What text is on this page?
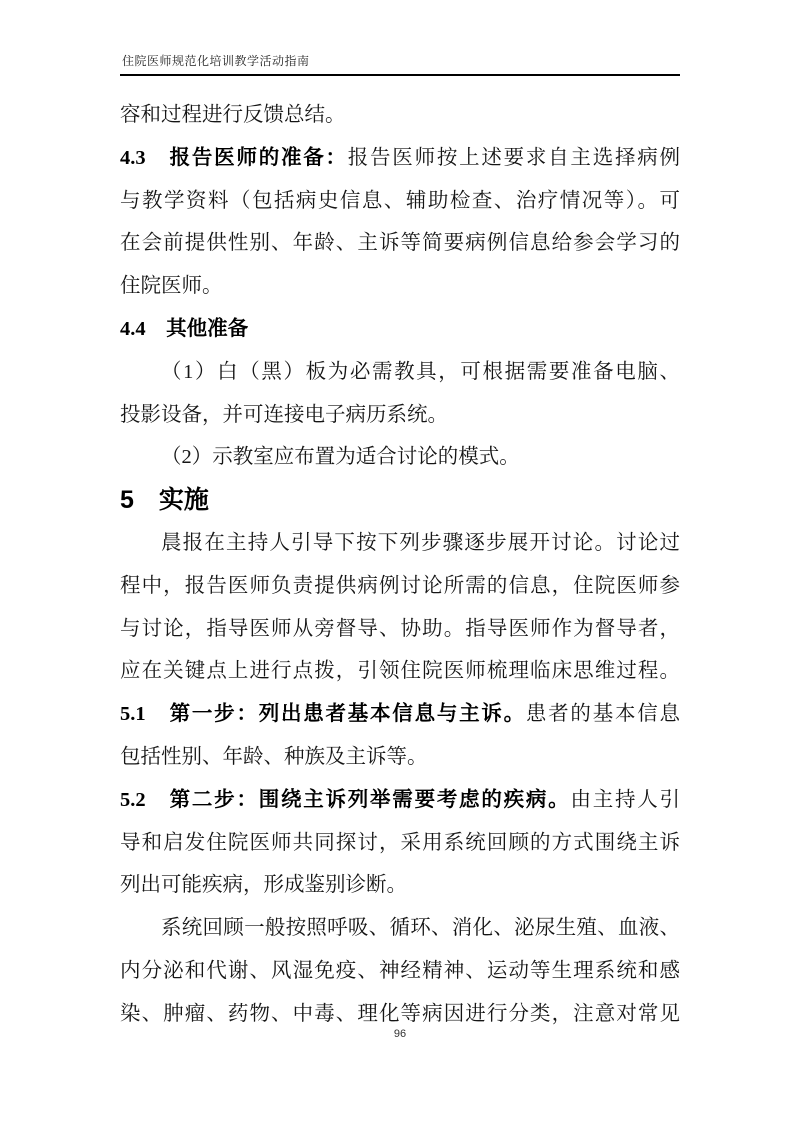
住院医师规范化培训教学活动指南
容和过程进行反馈总结。
4.3　报告医师的准备：报告医师按上述要求自主选择病例
与教学资料（包括病史信息、辅助检查、治疗情况等）。可
在会前提供性别、年龄、主诉等简要病例信息给参会学习的
住院医师。
4.4　其他准备
（1）白（黑）板为必需教具，可根据需要准备电脑、
投影设备，并可连接电子病历系统。
（2）示教室应布置为适合讨论的模式。
5　实施
晨报在主持人引导下按下列步骤逐步展开讨论。讨论过
程中，报告医师负责提供病例讨论所需的信息，住院医师参
与讨论，指导医师从旁督导、协助。指导医师作为督导者，
应在关键点上进行点拨，引领住院医师梳理临床思维过程。
5.1　第一步：列出患者基本信息与主诉。患者的基本信息
包括性别、年龄、种族及主诉等。
5.2　第二步：围绕主诉列举需要考虑的疾病。由主持人引
导和启发住院医师共同探讨，采用系统回顾的方式围绕主诉
列出可能疾病，形成鉴别诊断。
系统回顾一般按照呼吸、循环、消化、泌尿生殖、血液、
内分泌和代谢、风湿免疫、神经精神、运动等生理系统和感
染、肿瘤、药物、中毒、理化等病因进行分类，注意对常见
96
